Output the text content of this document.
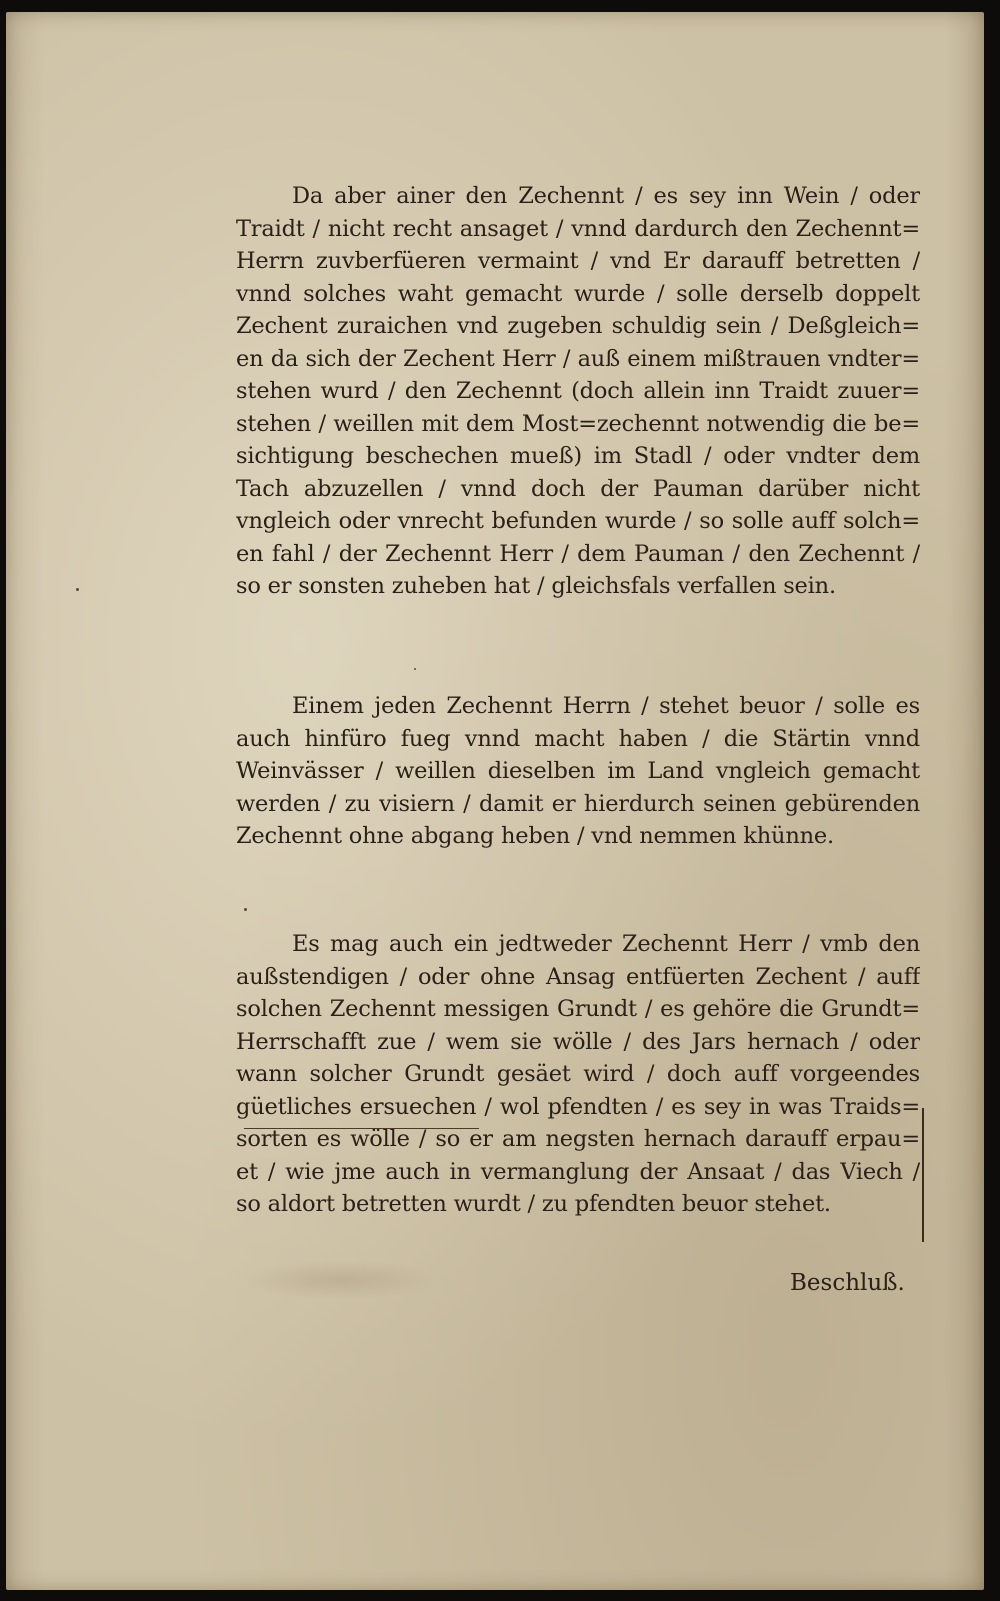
Da aber ainer den Zechennt / es sey inn Wein / oder
Traidt / nicht recht ansaget / vnnd dardurch den Zechennt=
Herrn zuvberfüeren vermaint / vnd Er darauff betretten /
vnnd solches waht gemacht wurde / solle derselb doppelt
Zechent zuraichen vnd zugeben schuldig sein / Deßgleich=
en da sich der Zechent Herr / auß einem mißtrauen vndter=
stehen wurd / den Zechennt (doch allein inn Traidt zuuer=
stehen / weillen mit dem Most=zechennt notwendig die be=
sichtigung beschechen mueß) im Stadl / oder vndter dem
Tach abzuzellen / vnnd doch der Pauman darüber nicht
vngleich oder vnrecht befunden wurde / so solle auff solch=
en fahl / der Zechennt Herr / dem Pauman / den Zechennt /
so er sonsten zuheben hat / gleichsfals verfallen sein.
Einem jeden Zechennt Herrn / stehet beuor / solle es
auch hinfüro fueg vnnd macht haben / die Stärtin vnnd
Weinvässer / weillen dieselben im Land vngleich gemacht
werden / zu visiern / damit er hierdurch seinen gebürenden
Zechennt ohne abgang heben / vnd nemmen khünne.
Es mag auch ein jedtweder Zechennt Herr / vmb den
außstendigen / oder ohne Ansag entfüerten Zechent / auff
solchen Zechennt messigen Grundt / es gehöre die Grundt=
Herrschafft zue / wem sie wölle / des Jars hernach / oder
wann solcher Grundt gesäet wird / doch auff vorgeendes
güetliches ersuechen / wol pfendten / es sey in was Traids=
sorten es wölle / so er am negsten hernach darauff erpau=
et / wie jme auch in vermanglung der Ansaat / das Viech /
so aldort betretten wurdt / zu pfendten beuor stehet.
Beschluß.
